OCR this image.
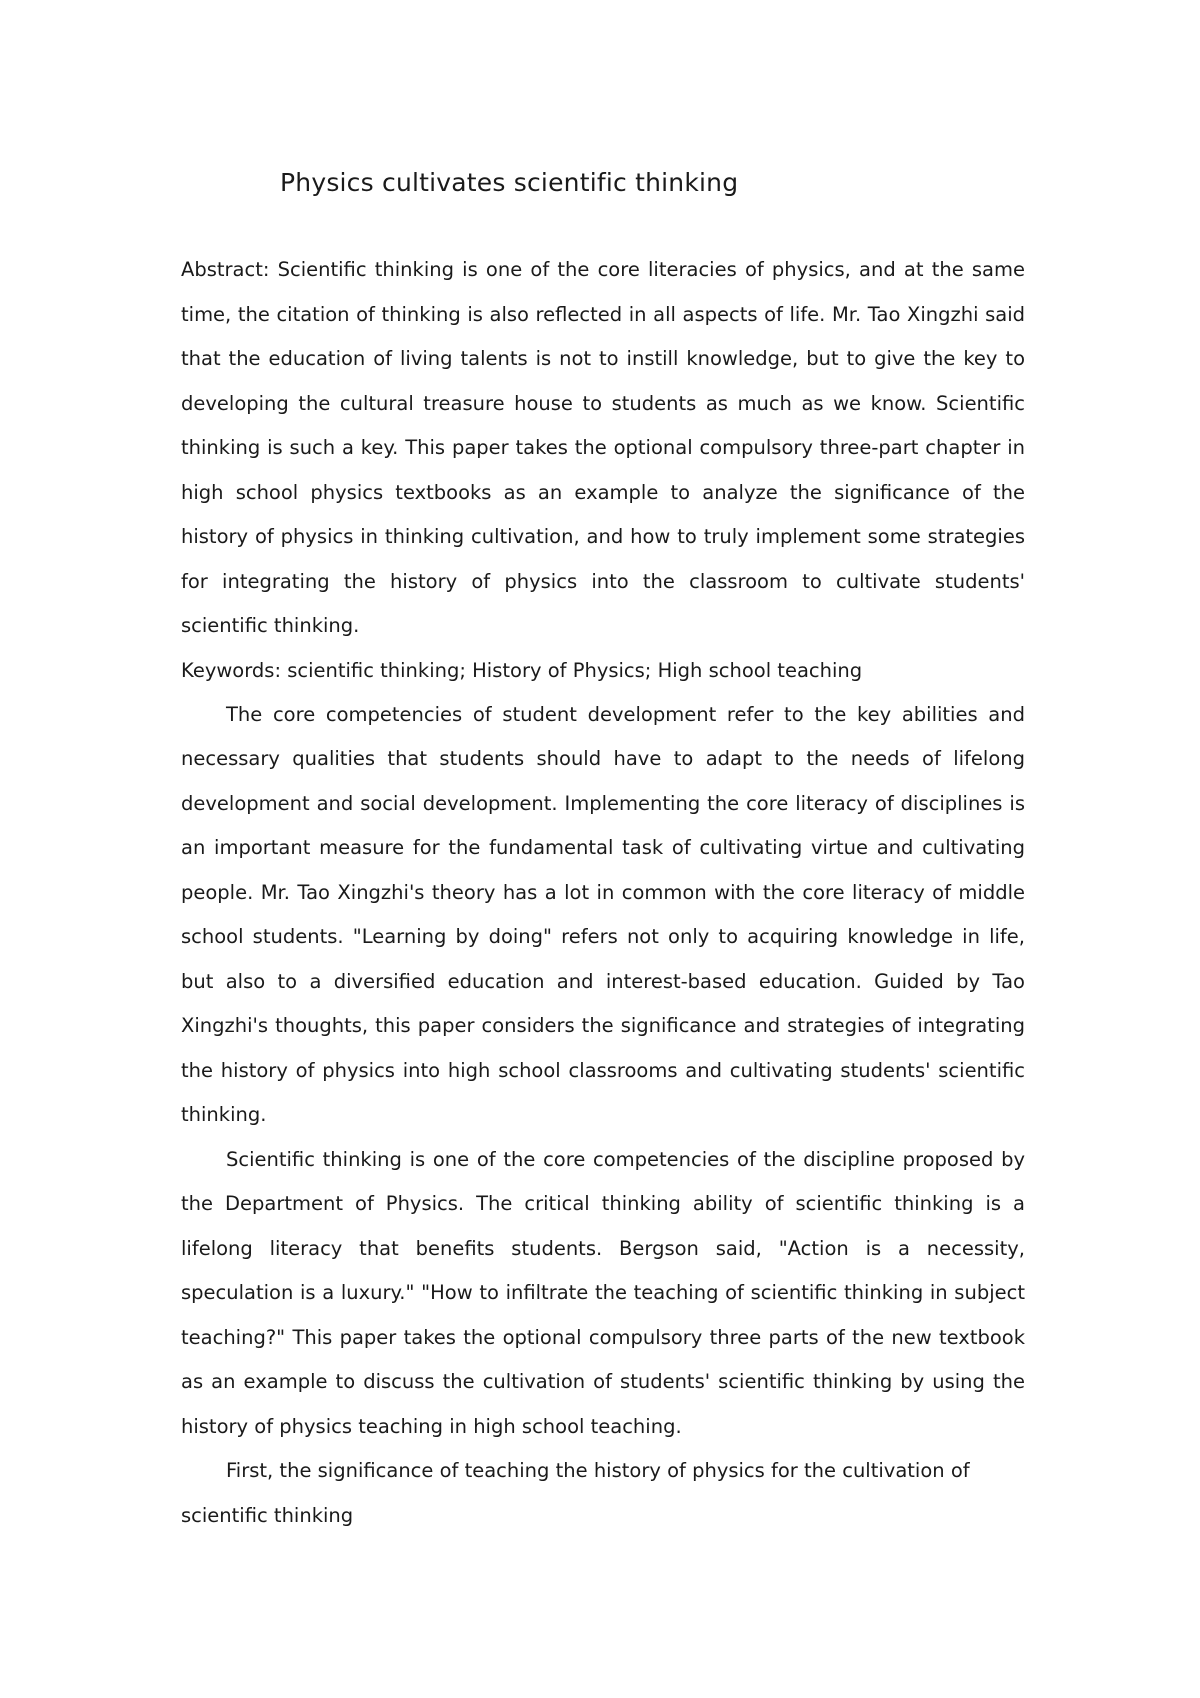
Physics cultivates scientific thinking

Abstract: Scientific thinking is one of the core literacies of physics, and at the same time, the citation of thinking is also reflected in all aspects of life. Mr. Tao Xingzhi said that the education of living talents is not to instill knowledge, but to give the key to developing the cultural treasure house to students as much as we know. Scientific thinking is such a key. This paper takes the optional compulsory three-part chapter in high school physics textbooks as an example to analyze the significance of the history of physics in thinking cultivation, and how to truly implement some strategies for integrating the history of physics into the classroom to cultivate students' scientific thinking.

Keywords: scientific thinking; History of Physics; High school teaching

The core competencies of student development refer to the key abilities and necessary qualities that students should have to adapt to the needs of lifelong development and social development. Implementing the core literacy of disciplines is an important measure for the fundamental task of cultivating virtue and cultivating people. Mr. Tao Xingzhi's theory has a lot in common with the core literacy of middle school students. "Learning by doing" refers not only to acquiring knowledge in life, but also to a diversified education and interest-based education. Guided by Tao Xingzhi's thoughts, this paper considers the significance and strategies of integrating the history of physics into high school classrooms and cultivating students' scientific thinking.

Scientific thinking is one of the core competencies of the discipline proposed by the Department of Physics. The critical thinking ability of scientific thinking is a lifelong literacy that benefits students. Bergson said, "Action is a necessity, speculation is a luxury." "How to infiltrate the teaching of scientific thinking in subject teaching?" This paper takes the optional compulsory three parts of the new textbook as an example to discuss the cultivation of students' scientific thinking by using the history of physics teaching in high school teaching.

First, the significance of teaching the history of physics for the cultivation of scientific thinking
